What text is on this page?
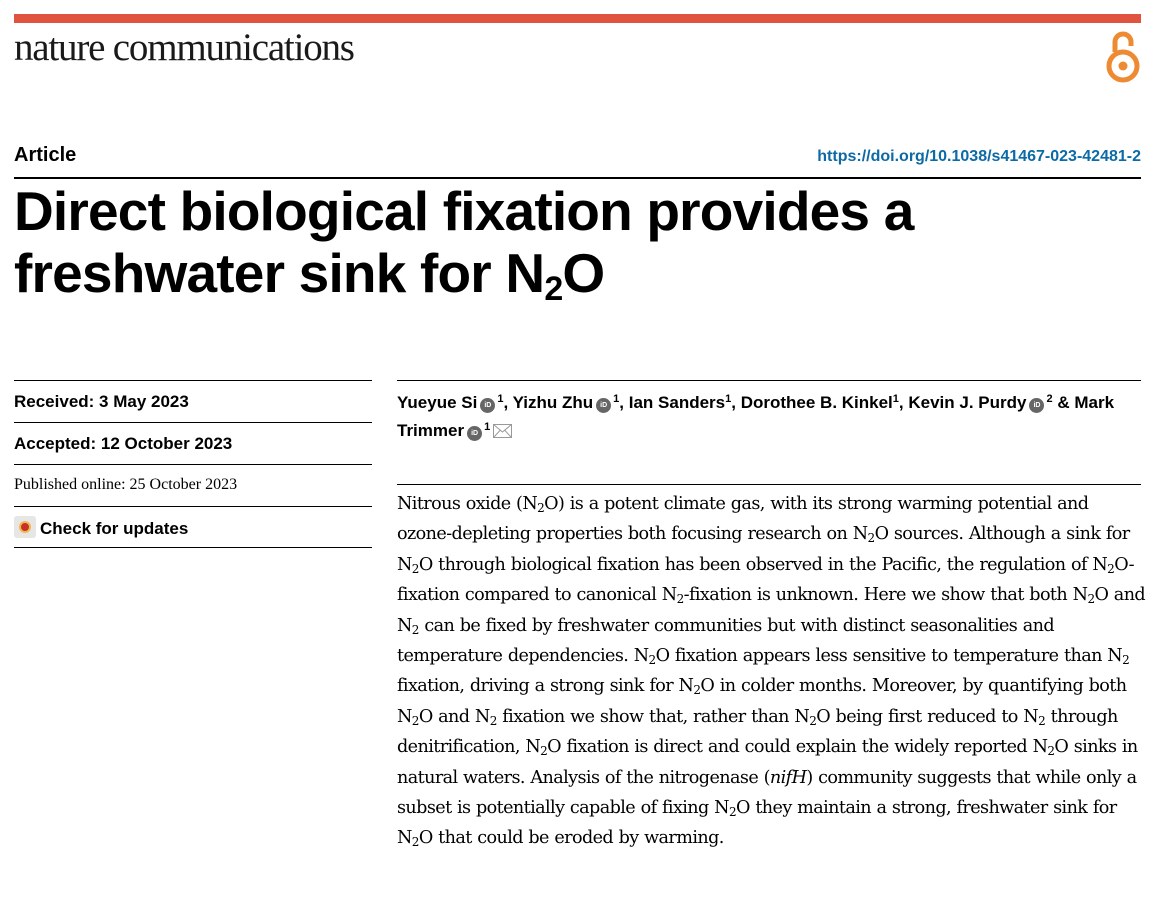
nature communications
Article	https://doi.org/10.1038/s41467-023-42481-2
Direct biological fixation provides a
freshwater sink for $N_2O$
Received: 3 May 2023
Accepted: 12 October 2023
Published online: 25 October 2023
Check for updates
Yueyue Si $iD^1$, Yizhu Zhu $iD^1$, Ian Sanders$^1$, Dorothee B. Kinkel$^1$, Kevin J. Purdy $iD^2$ & Mark Trimmer $iD^1$

Nitrous oxide $(N_2O)$ is a potent climate gas, with its strong warming potential and ozone-depleting properties both focusing research on $N_2O$ sources. Although a sink for $N_2O$ through biological fixation has been observed in the Pacific, the regulation of $N_2O$-fixation compared to canonical $N_2$-fixation is unknown. Here we show that both $N_2O$ and $N_2$ can be fixed by freshwater communities but with distinct seasonalities and temperature dependencies. $N_2O$ fixation appears less sensitive to temperature than $N_2$ fixation, driving a strong sink for $N_2O$ in colder months. Moreover, by quantifying both $N_2O$ and $N_2$ fixation we show that, rather than $N_2O$ being first reduced to $N_2$ through denitrification, $N_2O$ fixation is direct and could explain the widely reported $N_2O$ sinks in natural waters. Analysis of the nitrogenase (nifH) community suggests that while only a subset is potentially capable of fixing $N_2O$ they maintain a strong, freshwater sink for $N_2O$ that could be eroded by warming.
